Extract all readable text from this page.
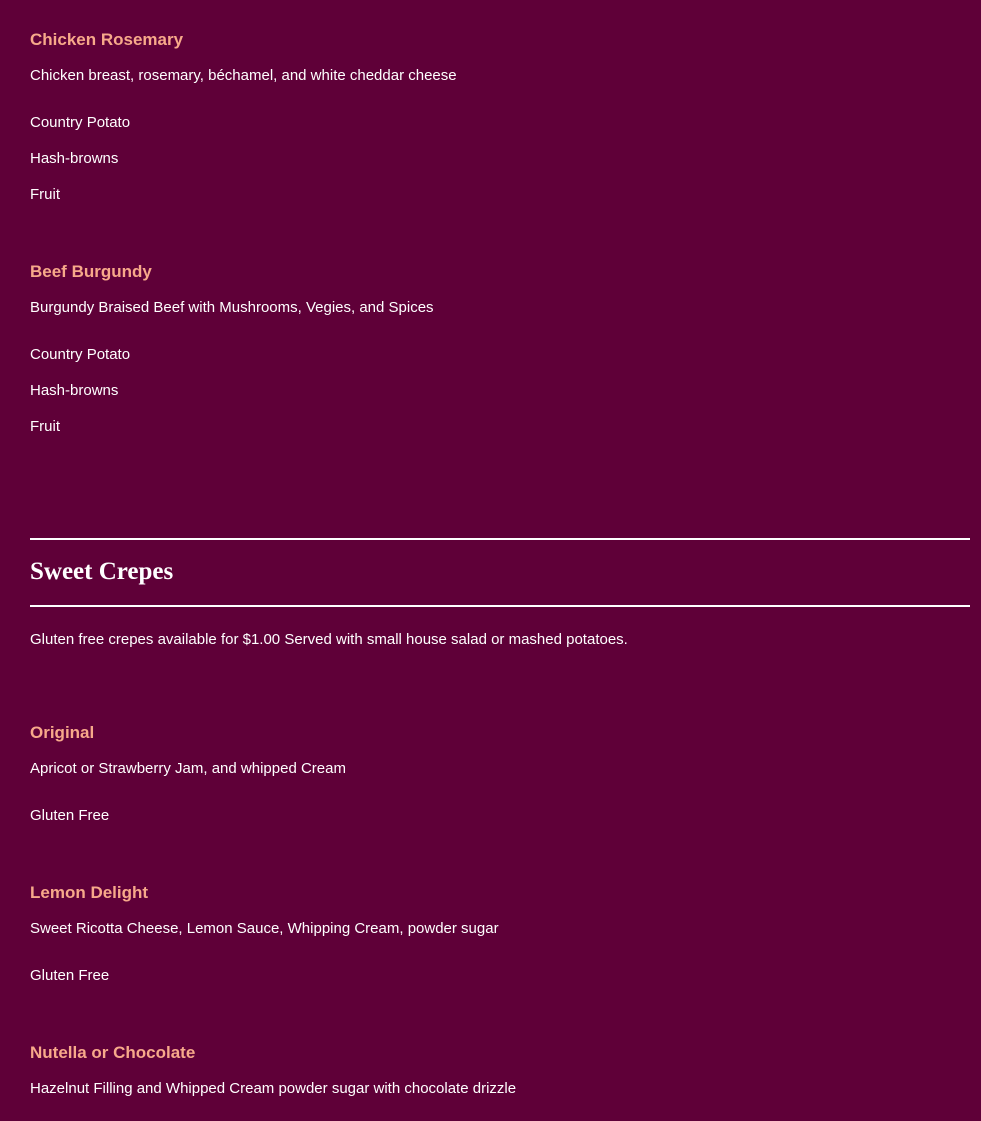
Chicken Rosemary

Chicken breast, rosemary, béchamel, and white cheddar cheese

Country Potato

Hash-browns

Fruit

Beef Burgundy

Burgundy Braised Beef with Mushrooms, Vegies, and Spices

Country Potato

Hash-browns

Fruit

Sweet Crepes

Gluten free crepes available for $1.00 Served with small house salad or mashed potatoes.

Original

Apricot or Strawberry Jam, and whipped Cream

Gluten Free

Lemon Delight

Sweet Ricotta Cheese, Lemon Sauce, Whipping Cream, powder sugar

Gluten Free

Nutella or Chocolate

Hazelnut Filling and Whipped Cream powder sugar with chocolate drizzle
